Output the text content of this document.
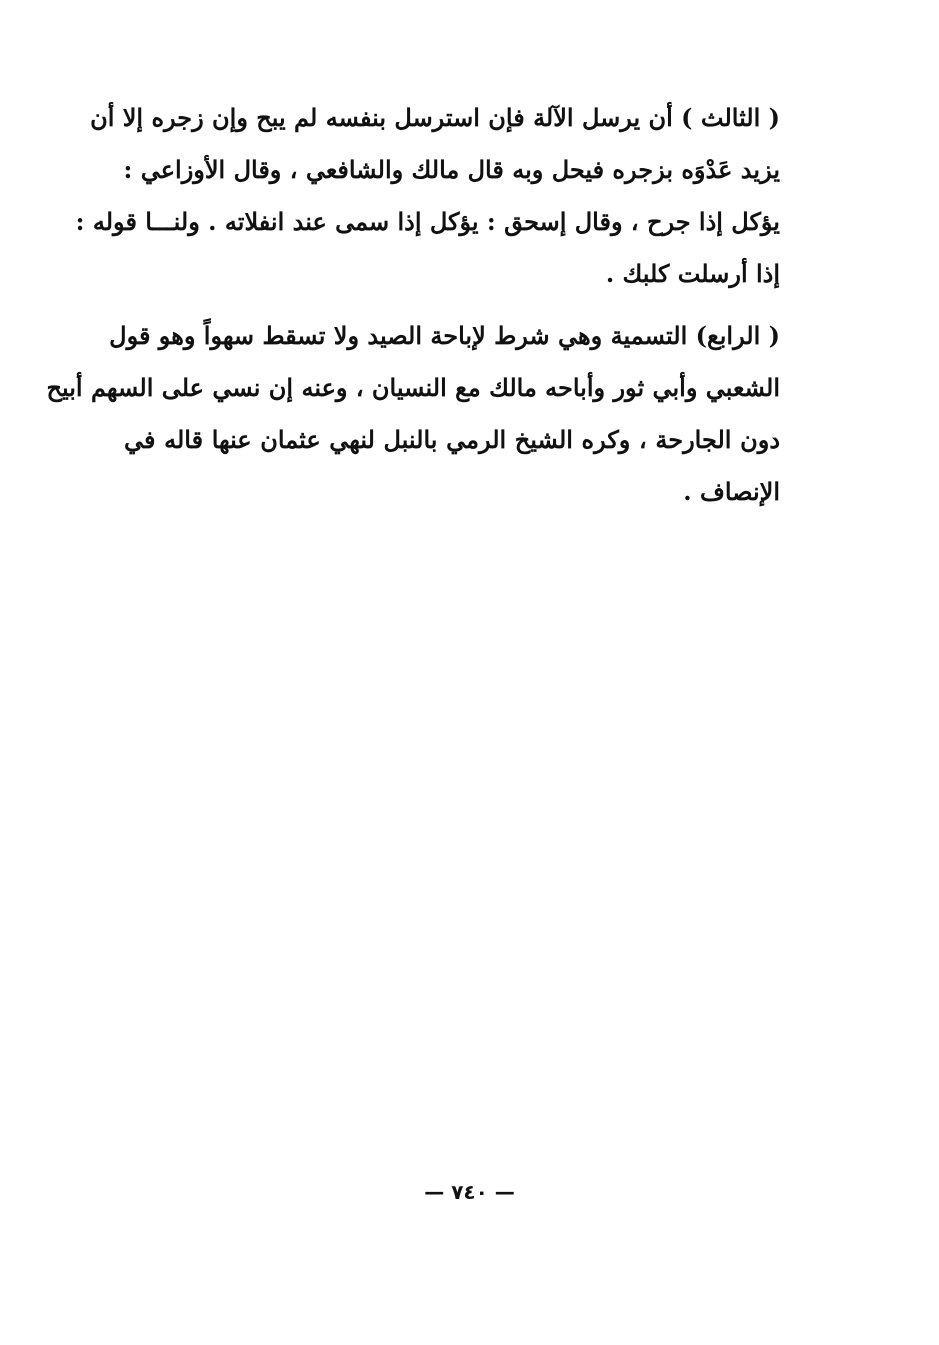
( الثالث ) أن يرسل الآلة فإن استرسل بنفسه لم يبح وإن زجره إلا أن
يزيد عَدْوَه بزجره فيحل وبه قال مالك والشافعي ، وقال الأوزاعي :
يؤكل إذا جرح ، وقال إسحق : يؤكل إذا سمى عند انفلاته . ولنـــا قوله :
إذا أرسلت كلبك .

( الرابع) التسمية وهي شرط لإباحة الصيد ولا تسقط سهواً وهو قول
الشعبي وأبي ثور وأباحه مالك مع النسيان ، وعنه إن نسي على السهم أبيح
دون الجارحة ، وكره الشيخ الرمي بالنبل لنهي عثمان عنها قاله في
الإنصاف .

— ٧٤٠ —
